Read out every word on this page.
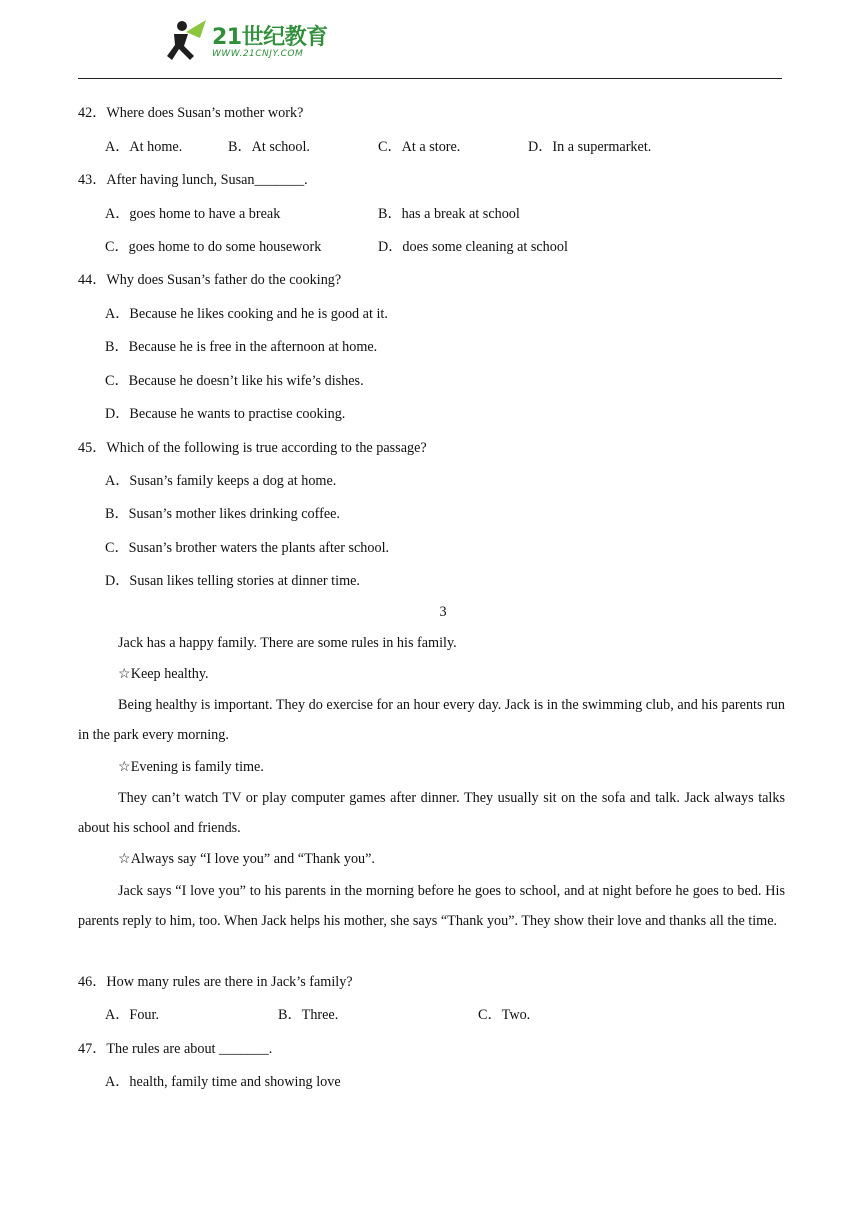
21世纪教育
WWW.21CNJY.COM
42．Where does Susan’s mother work?
A．At home.	B．At school.	C．At a store.	D．In a supermarket.
43．After having lunch, Susan_______.
A．goes home to have a break	B．has a break at school
C．goes home to do some housework	D．does some cleaning at school
44．Why does Susan’s father do the cooking?
A．Because he likes cooking and he is good at it.
B．Because he is free in the afternoon at home.
C．Because he doesn’t like his wife’s dishes.
D．Because he wants to practise cooking.
45．Which of the following is true according to the passage?
A．Susan’s family keeps a dog at home.
B．Susan’s mother likes drinking coffee.
C．Susan’s brother waters the plants after school.
D．Susan likes telling stories at dinner time.
3
Jack has a happy family. There are some rules in his family.
☆Keep healthy.
Being healthy is important. They do exercise for an hour every day. Jack is in the swimming club, and his parents run in the park every morning.
☆Evening is family time.
They can’t watch TV or play computer games after dinner. They usually sit on the sofa and talk. Jack always talks about his school and friends.
☆Always say “I love you” and “Thank you”.
Jack says “I love you” to his parents in the morning before he goes to school, and at night before he goes to bed. His parents reply to him, too. When Jack helps his mother, she says “Thank you”. They show their love and thanks all the time.
46．How many rules are there in Jack’s family?
A．Four.	B．Three.	C．Two.
47．The rules are about _______.
A．health, family time and showing love
